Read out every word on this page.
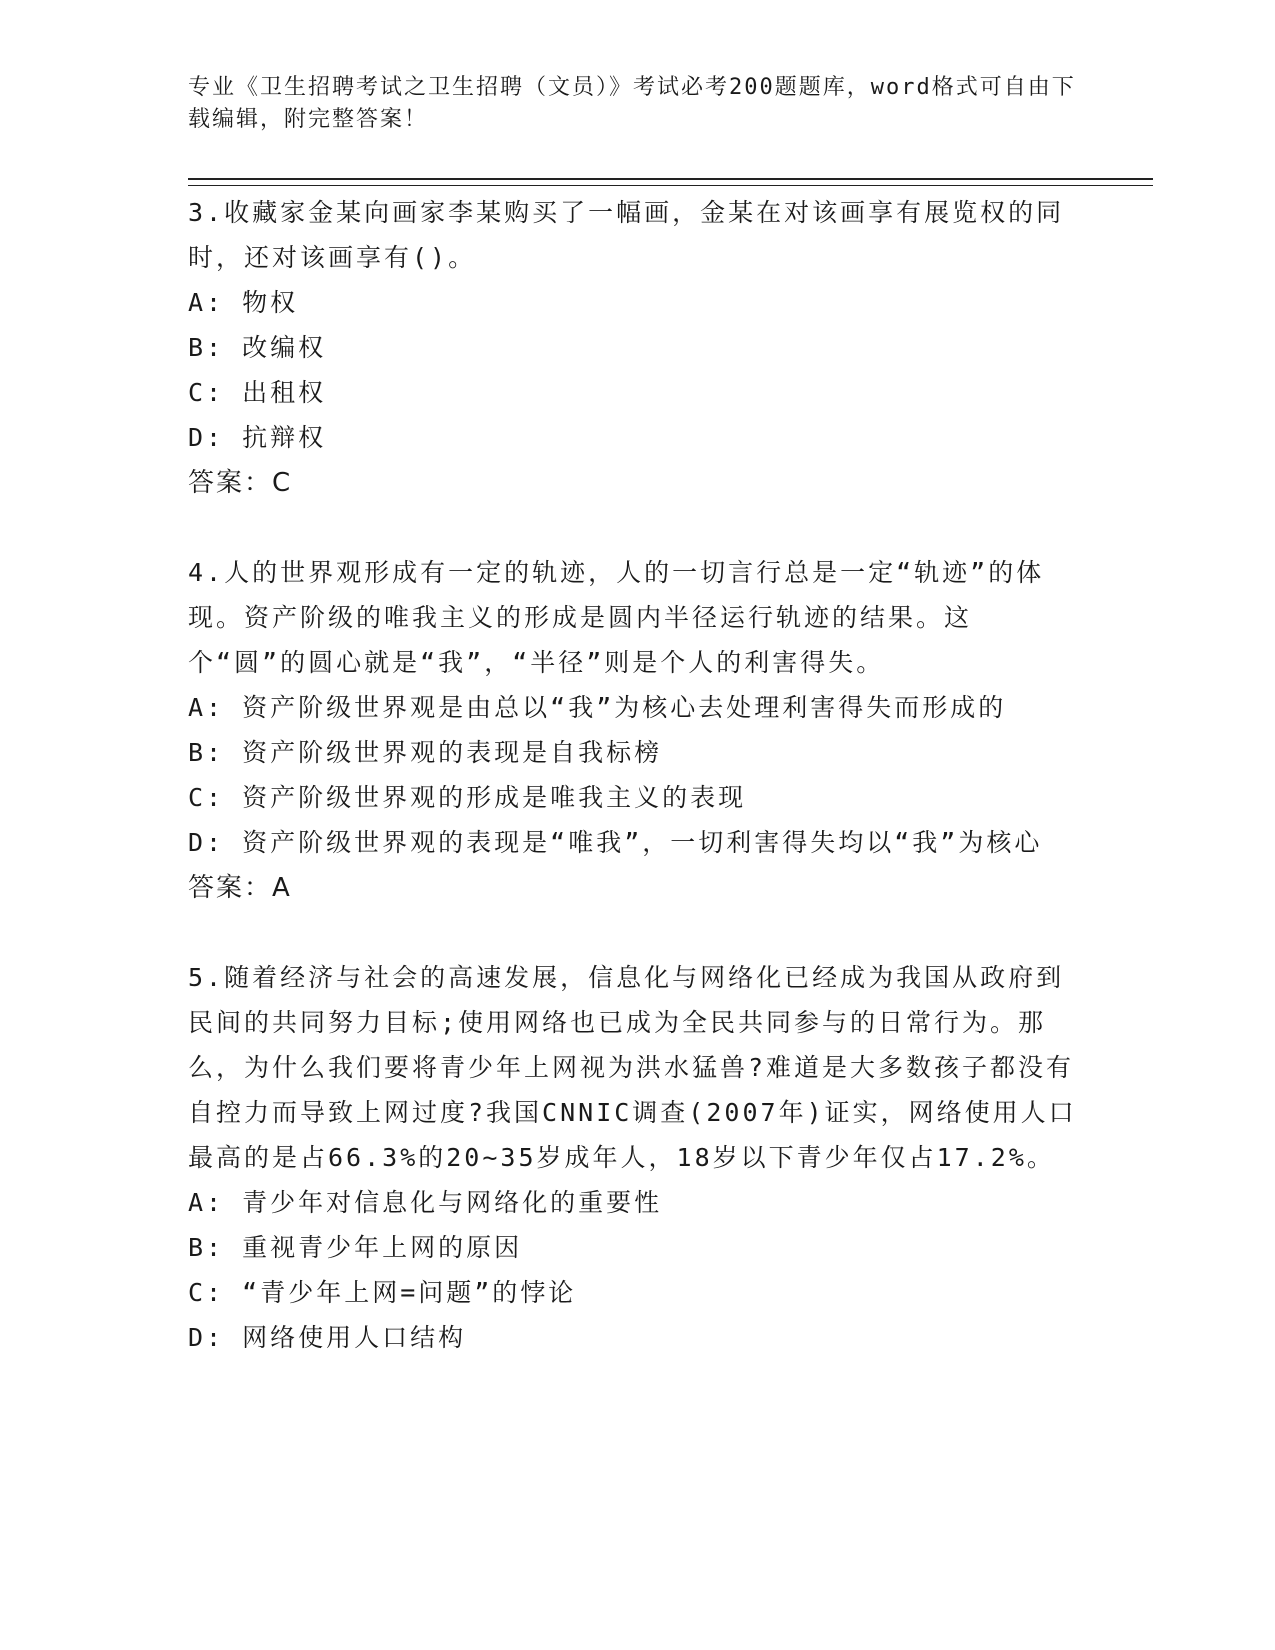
专业《卫生招聘考试之卫生招聘（文员）》考试必考200题题库，word格式可自由下载编辑，附完整答案！

3.收藏家金某向画家李某购买了一幅画，金某在对该画享有展览权的同时，还对该画享有()。

A: 物权

B: 改编权

C: 出租权

D: 抗辩权

答案：C

4.人的世界观形成有一定的轨迹，人的一切言行总是一定“轨迹”的体现。资产阶级的唯我主义的形成是圆内半径运行轨迹的结果。这个“圆”的圆心就是“我”，“半径”则是个人的利害得失。

A: 资产阶级世界观是由总以“我”为核心去处理利害得失而形成的

B: 资产阶级世界观的表现是自我标榜

C: 资产阶级世界观的形成是唯我主义的表现

D: 资产阶级世界观的表现是“唯我”，一切利害得失均以“我”为核心

答案：A

5.随着经济与社会的高速发展，信息化与网络化已经成为我国从政府到民间的共同努力目标;使用网络也已成为全民共同参与的日常行为。那么，为什么我们要将青少年上网视为洪水猛兽?难道是大多数孩子都没有自控力而导致上网过度?我国CNNIC调查(2007年)证实，网络使用人口最高的是占66.3%的20~35岁成年人，18岁以下青少年仅占17.2%。

A: 青少年对信息化与网络化的重要性

B: 重视青少年上网的原因

C: “青少年上网=问题”的悖论

D: 网络使用人口结构
